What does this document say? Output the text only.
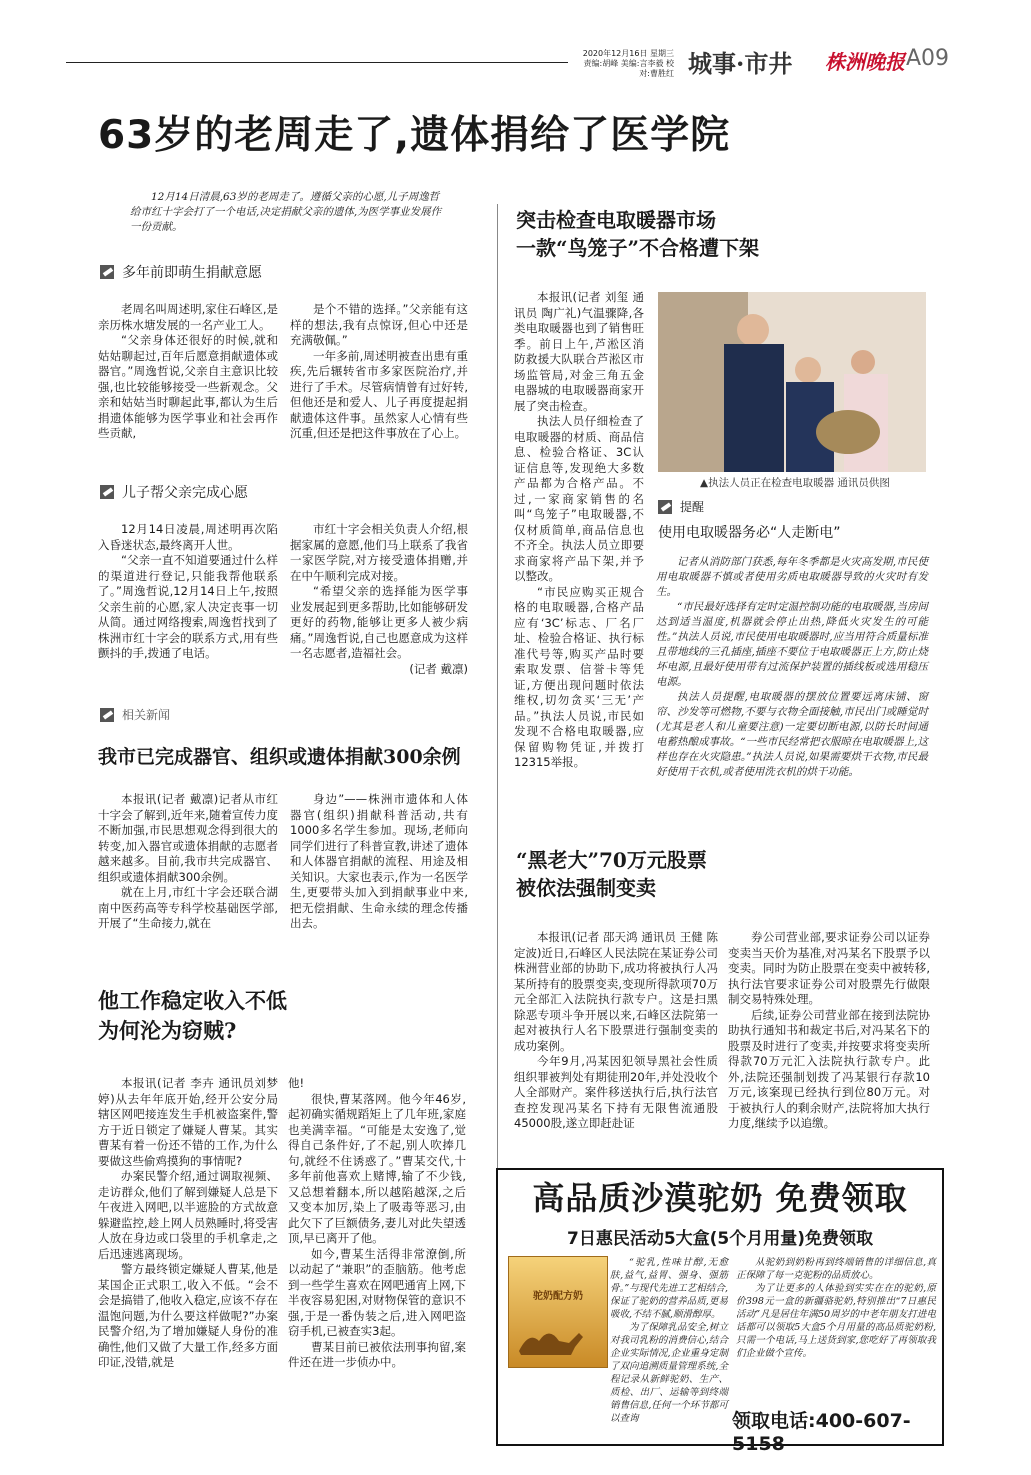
2020年12月16日 星期三
责编:胡峰 美编:言李毅 校对:曹胜红 城事·市井 株洲晚报 A09
63岁的老周走了,遗体捐给了医学院
12月14日清晨,63岁的老周走了。遵循父亲的心愿,儿子周逸哲给市红十字会打了一个电话,决定捐献父亲的遗体,为医学事业发展作一份贡献。
多年前即萌生捐献意愿

老周名叫周述明,家住石峰区,是亲历株水塘发展的一名产业工人。

“父亲身体还很好的时候,就和姑姑聊起过,百年后愿意捐献遗体或器官。”周逸哲说,父亲自主意识比较强,也比较能够接受一些新观念。父亲和姑姑当时聊起此事,都认为生后捐遗体能够为医学事业和社会再作些贡献,

是个不错的选择。”父亲能有这样的想法,我有点惊讶,但心中还是充满敬佩。”

一年多前,周述明被查出患有重疾,先后辗转省市多家医院治疗,并进行了手术。尽管病情曾有过好转,但他还是和爱人、儿子再度提起捐献遗体这件事。虽然家人心情有些沉重,但还是把这件事放在了心上。

儿子帮父亲完成心愿

12月14日凌晨,周述明再次陷入昏迷状态,最终离开人世。

“父亲一直不知道要通过什么样的渠道进行登记,只能我帮他联系了。”周逸哲说,12月14日上午,按照父亲生前的心愿,家人决定丧事一切从简。通过网络搜索,周逸哲找到了株洲市红十字会的联系方式,用有些颤抖的手,拨通了电话。

市红十字会相关负责人介绍,根据家属的意愿,他们马上联系了我省一家医学院,对方接受遗体捐赠,并在中午顺利完成对接。

“希望父亲的选择能为医学事业发展起到更多帮助,比如能够研发更好的药物,能够让更多人被少病痛。”周逸哲说,自己也愿意成为这样一名志愿者,造福社会。

(记者 戴凛)

相关新闻
我市已完成器官、组织或遗体捐献300余例

本报讯(记者 戴凛)记者从市红十字会了解到,近年来,随着宣传力度不断加强,市民思想观念得到很大的转变,加入器官或遗体捐献的志愿者越来越多。目前,我市共完成器官、组织或遗体捐献300余例。

就在上月,市红十字会还联合湖南中医药高等专科学校基础医学部,开展了“生命接力,就在

身边”——株洲市遗体和人体器官(组织)捐献科普活动,共有1000多名学生参加。现场,老师向同学们进行了科普宣教,讲述了遗体和人体器官捐献的流程、用途及相关知识。大家也表示,作为一名医学生,更要带头加入到捐献事业中来,把无偿捐献、生命永续的理念传播出去。

他工作稳定收入不低
为何沦为窃贼?

本报讯(记者 李卉 通讯员刘梦婷)从去年年底开始,经开公安分局辖区网吧接连发生手机被盗案件,警方于近日锁定了嫌疑人曹某。其实曹某有着一份还不错的工作,为什么要做这些偷鸡摸狗的事情呢?

办案民警介绍,通过调取视频、走访群众,他们了解到嫌疑人总是下午夜进入网吧,以半遮脸的方式故意躲避监控,趁上网人员熟睡时,将受害人放在身边或口袋里的手机拿走,之后迅速逃离现场。

警方最终锁定嫌疑人曹某,他是某国企正式职工,收入不低。“会不会是搞错了,他收入稳定,应该不存在温饱问题,为什么要这样做呢?”办案民警介绍,为了增加嫌疑人身份的准确性,他们又做了大量工作,经多方面印证,没错,就是

他!

很快,曹某落网。他今年46岁,起初确实循规蹈矩上了几年班,家庭也美满幸福。“可能是太安逸了,觉得自己条件好,了不起,别人吹捧几句,就经不住诱惑了。”曹某交代,十多年前他喜欢上赌博,输了不少钱,又总想着翻本,所以越陷越深,之后又变本加厉,染上了吸毒等恶习,由此欠下了巨额债务,妻儿对此失望透顶,早已离开了他。

如今,曹某生活得非常潦倒,所以动起了“兼职”的歪脑筋。他考虑到一些学生喜欢在网吧通宵上网,下半夜容易犯困,对财物保管的意识不强,于是一番伪装之后,进入网吧盗窃手机,已被查实3起。

曹某目前已被依法刑事拘留,案件还在进一步侦办中。

突击检查电取暖器市场
一款“鸟笼子”不合格遭下架

本报讯(记者 刘玺 通讯员 陶广礼)气温骤降,各类电取暖器也到了销售旺季。前日上午,芦淞区消防救援大队联合芦淞区市场监管局,对金三角五金电器城的电取暖器商家开展了突击检查。

执法人员仔细检查了电取暖器的材质、商品信息、检验合格证、3C认证信息等,发现绝大多数产品都为合格产品。不过,一家商家销售的名叫“鸟笼子”电取暖器,不仅材质简单,商品信息也不齐全。执法人员立即要求商家将产品下架,并予以整改。

“市民应购买正规合格的电取暖器,合格产品应有‘3C’标志、厂名厂址、检验合格证、执行标准代号等,购买产品时要索取发票、信誉卡等凭证,方便出现问题时依法维权,切勿贪买‘三无’产品。”执法人员说,市民如发现不合格电取暖器,应保留购物凭证,并拨打12315举报。

▲执法人员正在检查电取暖器 通讯员供图
提醒
使用电取暖器务必“人走断电”

记者从消防部门获悉,每年冬季都是火灾高发期,市民使用电取暖器不慎或者使用劣质电取暖器导致的火灾时有发生。

“市民最好选择有定时定温控制功能的电取暖器,当房间达到适当温度,机器就会停止出热,降低火灾发生的可能性。”执法人员说,市民使用电取暖器时,应当用符合质量标准且带地线的三孔插座,插座不要位于电取暖器正上方,防止烧坏电源,且最好使用带有过流保护装置的插线板或选用稳压电源。

执法人员提醒,电取暖器的摆放位置要远离床铺、窗帘、沙发等可燃物,不要与衣物全面接触,市民出门或睡觉时(尤其是老人和儿童要注意)一定要切断电源,以防长时间通电蓄热酿成事故。“一些市民经常把衣服晾在电取暖器上,这样也存在火灾隐患。”执法人员说,如果需要烘干衣物,市民最好使用干衣机,或者使用洗衣机的烘干功能。

“黑老大”70万元股票
被依法强制变卖

本报讯(记者 邵天鸿 通讯员 王健 陈定波)近日,石峰区人民法院在某证券公司株洲营业部的协助下,成功将被执行人冯某所持有的股票变卖,变现所得款项70万元全部汇入法院执行款专户。这是扫黑除恶专项斗争开展以来,石峰区法院第一起对被执行人名下股票进行强制变卖的成功案例。

今年9月,冯某因犯领导黑社会性质组织罪被判处有期徒刑20年,并处没收个人全部财产。案件移送执行后,执行法官查控发现冯某名下持有无限售流通股45000股,遂立即赶赴证

券公司营业部,要求证券公司以证券变卖当天价为基准,对冯某名下股票予以变卖。同时为防止股票在变卖中被转移,执行法官要求证券公司对股票先行做限制交易特殊处理。

后续,证券公司营业部在接到法院协助执行通知书和裁定书后,对冯某名下的股票及时进行了变卖,并按要求将变卖所得款70万元汇入法院执行款专户。此外,法院还强制划拨了冯某银行存款10万元,该案现已经执行到位80万元。对于被执行人的剩余财产,法院将加大执行力度,继续予以追缴。

高品质沙漠驼奶 免费领取
7日惠民活动5大盒(5个月用量)免费领取
驼奶配方奶

“驼乳,性味甘醇,无愈肤,益气,益胃、强身、强筋骨。”与现代先进工艺相结合,保证了驼奶的营养品质,更易吸收,不结不腻,顺滑醇厚。

为了保障乳品安全,树立对我司乳粉的消费信心,结合企业实际情况,企业重身定制了双向追溯质量管理系统,全程记录从新鲜驼奶、生产、质检、出厂、运输等到终端销售信息,任何一个环节都可以查询

从驼奶到奶粉再到终端销售的详细信息,真正保障了每一克驼粉的品质放心。

为了让更多的人体验到实实在在的驼奶,原价398元一盒的新疆骆驼奶,特别推出“7日惠民活动”凡是居住年满50周岁的中老年朋友打进电话都可以领取5大盒5个月用量的高品质驼奶粉,只需一个电话,马上送货到家,您吃好了再领取我们企业做个宣传。

领取电话:400-607-5158
